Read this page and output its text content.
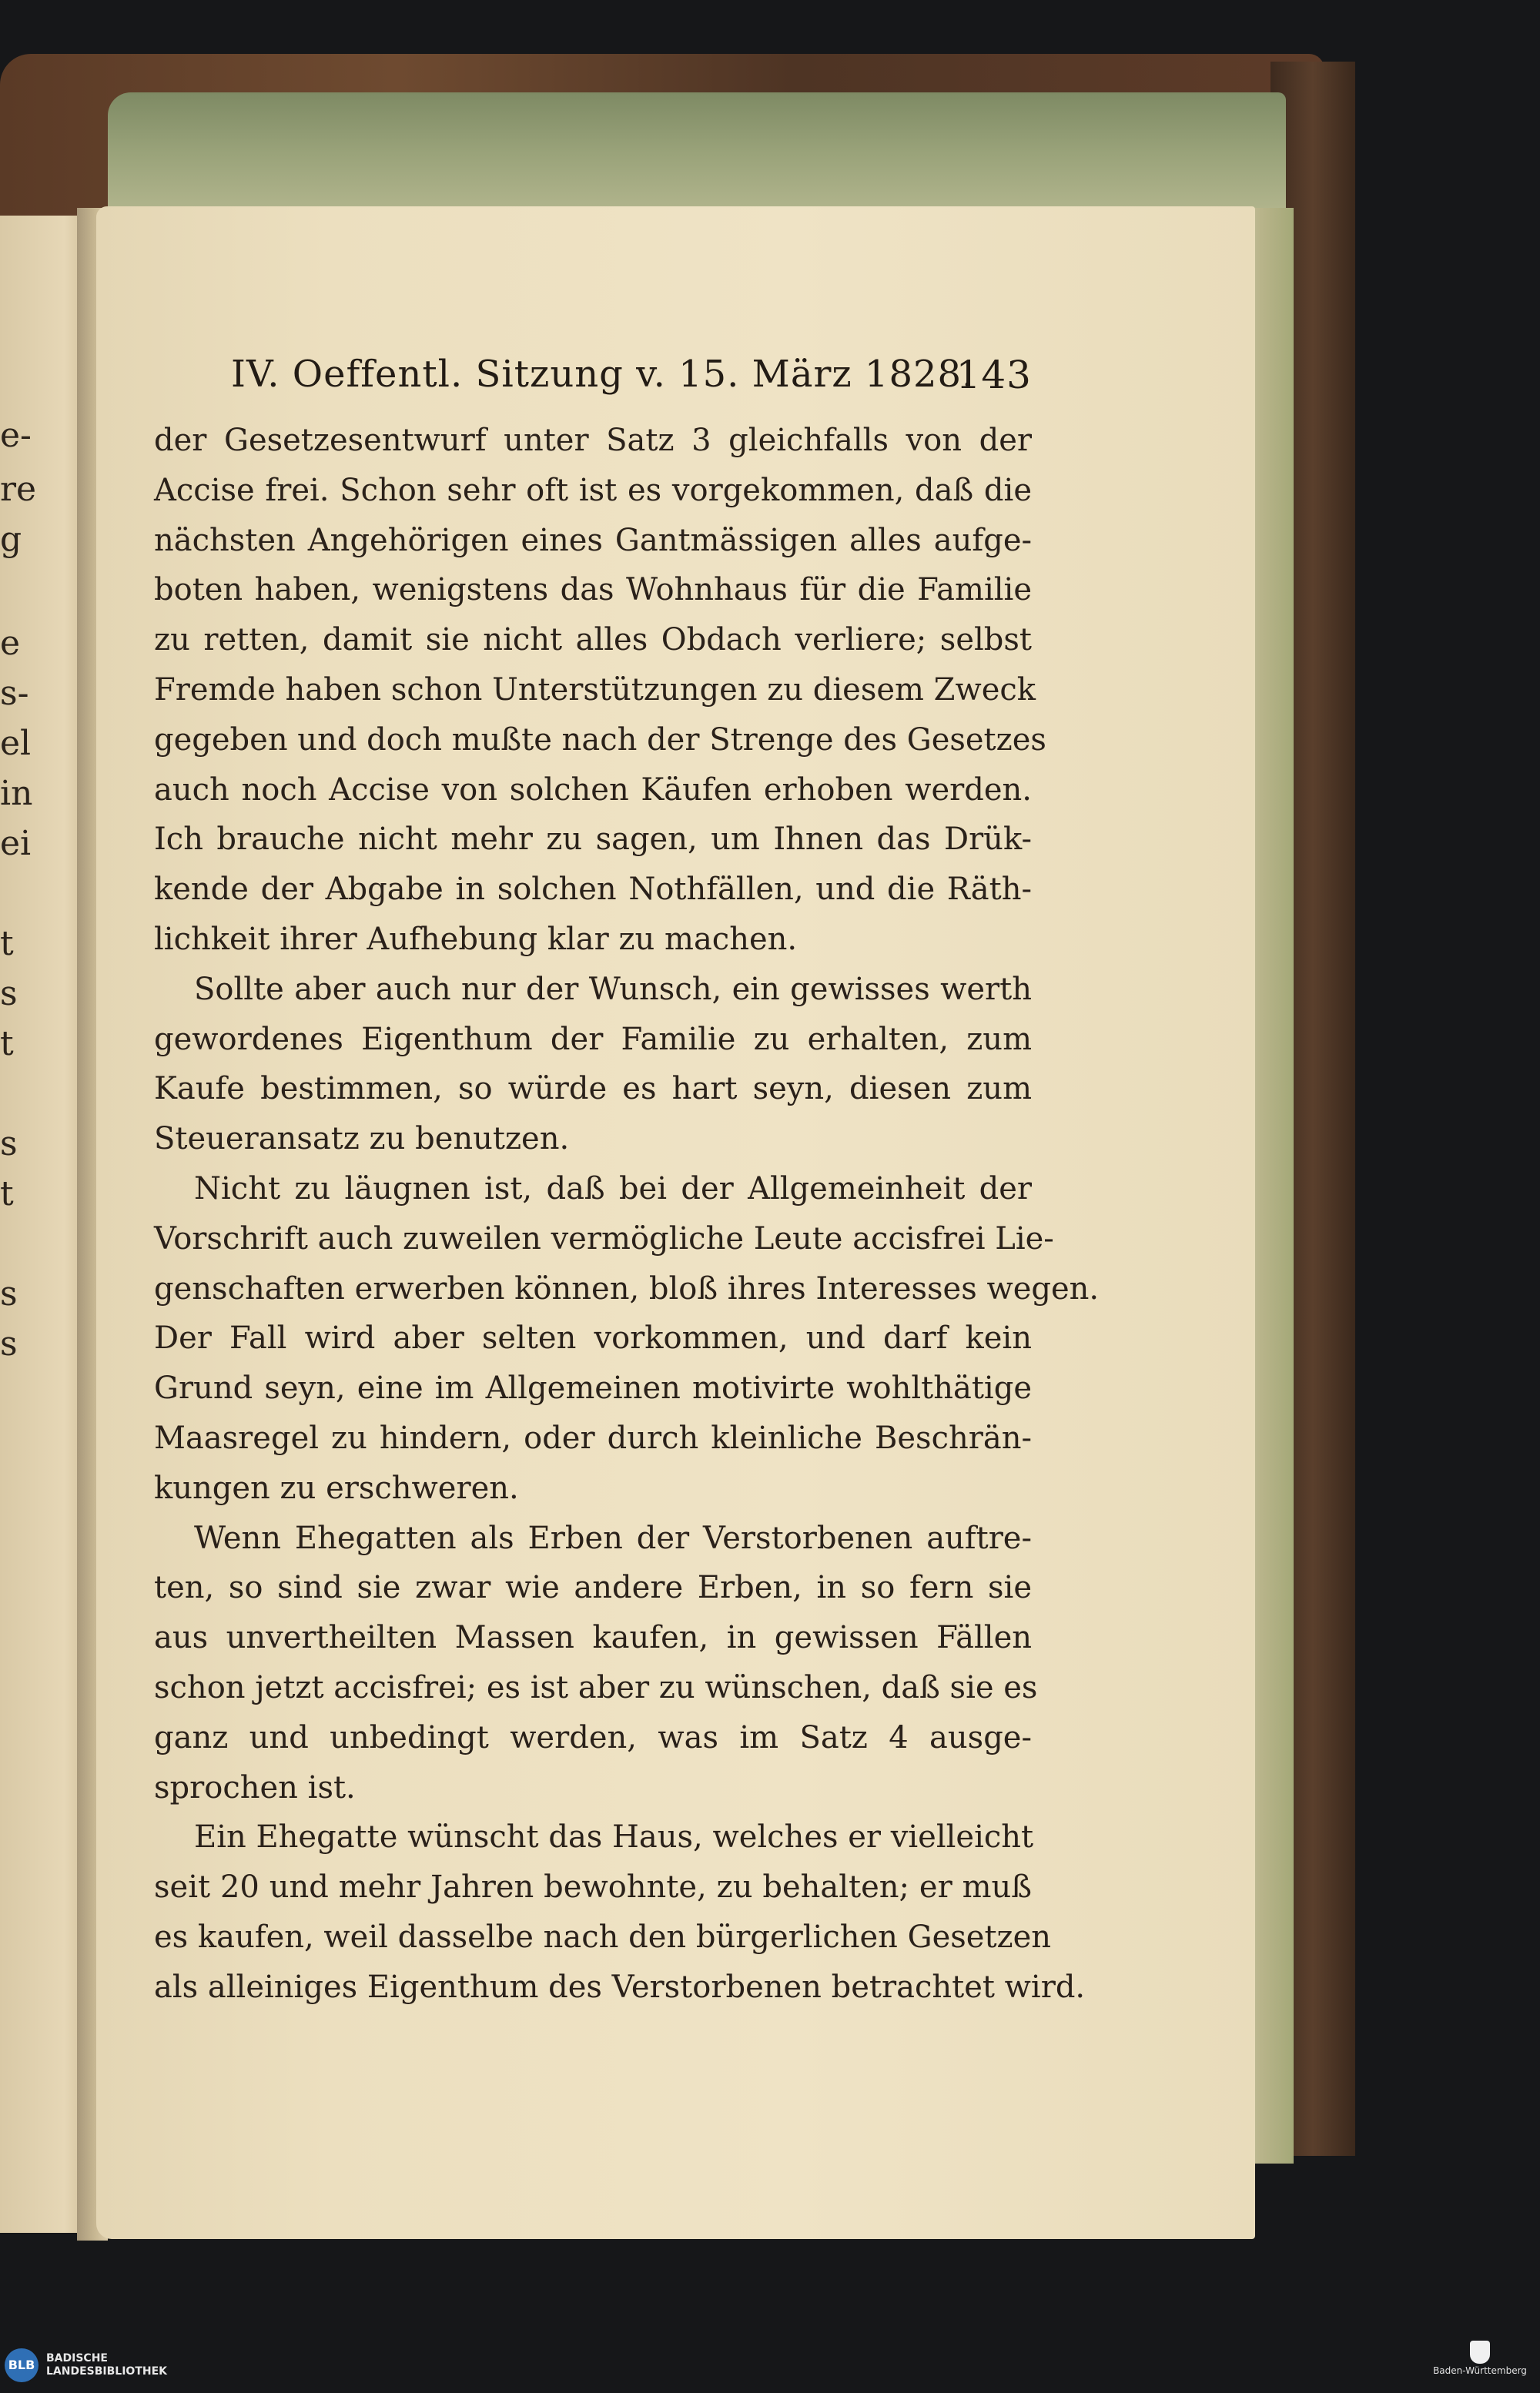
e-
re
g
e
s-
el
in
ei
t
s
t
s
t
s
s
IV. Oeffentl. Sitzung v. 15. März 1828.
143
der Gesetzesentwurf unter Satz 3 gleichfalls von der
Accise frei. Schon sehr oft ist es vorgekommen, daß die
nächsten Angehörigen eines Gantmässigen alles aufge-
boten haben, wenigstens das Wohnhaus für die Familie
zu retten, damit sie nicht alles Obdach verliere; selbst
Fremde haben schon Unterstützungen zu diesem Zweck
gegeben und doch mußte nach der Strenge des Gesetzes
auch noch Accise von solchen Käufen erhoben werden.
Ich brauche nicht mehr zu sagen, um Ihnen das Drük-
kende der Abgabe in solchen Nothfällen, und die Räth-
lichkeit ihrer Aufhebung klar zu machen.
Sollte aber auch nur der Wunsch, ein gewisses werth
gewordenes Eigenthum der Familie zu erhalten, zum
Kaufe bestimmen, so würde es hart seyn, diesen zum
Steueransatz zu benutzen.
Nicht zu läugnen ist, daß bei der Allgemeinheit der
Vorschrift auch zuweilen vermögliche Leute accisfrei Lie-
genschaften erwerben können, bloß ihres Interesses wegen.
Der Fall wird aber selten vorkommen, und darf kein
Grund seyn, eine im Allgemeinen motivirte wohlthätige
Maasregel zu hindern, oder durch kleinliche Beschrän-
kungen zu erschweren.
Wenn Ehegatten als Erben der Verstorbenen auftre-
ten, so sind sie zwar wie andere Erben, in so fern sie
aus unvertheilten Massen kaufen, in gewissen Fällen
schon jetzt accisfrei; es ist aber zu wünschen, daß sie es
ganz und unbedingt werden, was im Satz 4 ausge-
sprochen ist.
Ein Ehegatte wünscht das Haus, welches er vielleicht
seit 20 und mehr Jahren bewohnte, zu behalten; er muß
es kaufen, weil dasselbe nach den bürgerlichen Gesetzen
als alleiniges Eigenthum des Verstorbenen betrachtet wird.
BLB	BADISCHE
LANDESBIBLIOTHEK	Baden-Württemberg
